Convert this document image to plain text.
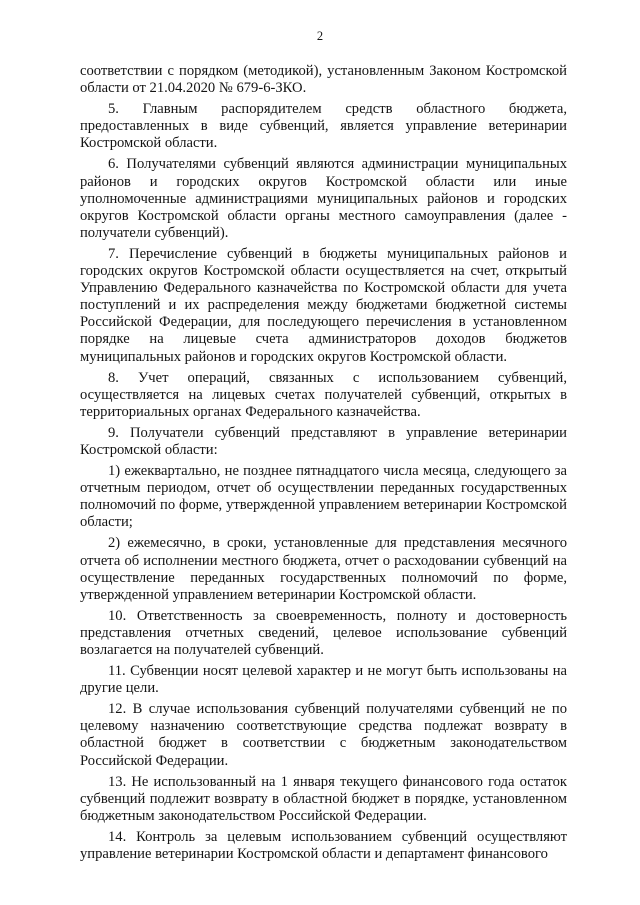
2

соответствии с порядком (методикой), установленным Законом Костромской области от 21.04.2020 № 679-6-ЗКО.

5. Главным распорядителем средств областного бюджета, предоставленных в виде субвенций, является управление ветеринарии Костромской области.

6. Получателями субвенций являются администрации муниципальных районов и городских округов Костромской области или иные уполномоченные администрациями муниципальных районов и городских округов Костромской области органы местного самоуправления (далее - получатели субвенций).

7. Перечисление субвенций в бюджеты муниципальных районов и городских округов Костромской области осуществляется на счет, открытый Управлению Федерального казначейства по Костромской области для учета поступлений и их распределения между бюджетами бюджетной системы Российской Федерации, для последующего перечисления в установленном порядке на лицевые счета администраторов доходов бюджетов муниципальных районов и городских округов Костромской области.

8. Учет операций, связанных с использованием субвенций, осуществляется на лицевых счетах получателей субвенций, открытых в территориальных органах Федерального казначейства.

9. Получатели субвенций представляют в управление ветеринарии Костромской области:

1) ежеквартально, не позднее пятнадцатого числа месяца, следующего за отчетным периодом, отчет об осуществлении переданных государственных полномочий по форме, утвержденной управлением ветеринарии Костромской области;

2) ежемесячно, в сроки, установленные для представления месячного отчета об исполнении местного бюджета, отчет о расходовании субвенций на осуществление переданных государственных полномочий по форме, утвержденной управлением ветеринарии Костромской области.

10. Ответственность за своевременность, полноту и достоверность представления отчетных сведений, целевое использование субвенций возлагается на получателей субвенций.

11. Субвенции носят целевой характер и не могут быть использованы на другие цели.

12. В случае использования субвенций получателями субвенций не по целевому назначению соответствующие средства подлежат возврату в областной бюджет в соответствии с бюджетным законодательством Российской Федерации.

13. Не использованный на 1 января текущего финансового года остаток субвенций подлежит возврату в областной бюджет в порядке, установленном бюджетным законодательством Российской Федерации.

14. Контроль за целевым использованием субвенций осуществляют управление ветеринарии Костромской области и департамент финансового
